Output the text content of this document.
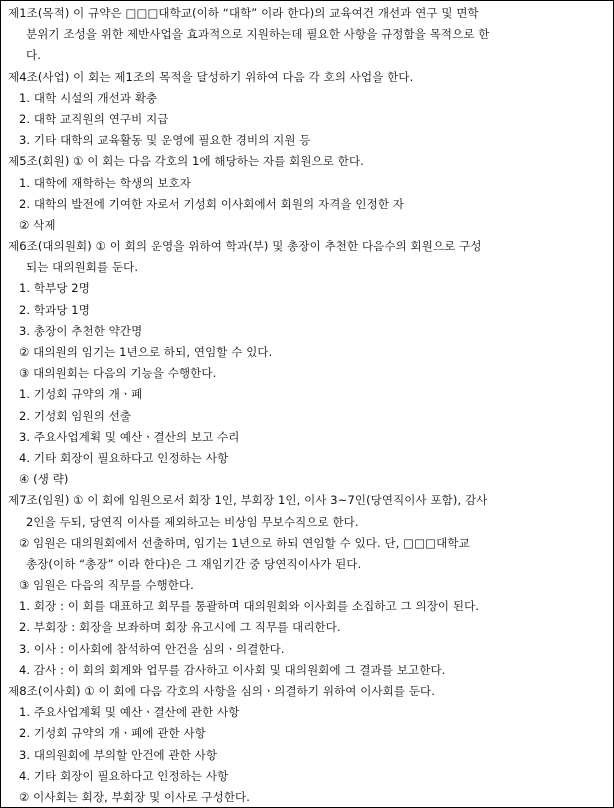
제1조(목적) 이 규약은 □□□대학교(이하 “대학” 이라 한다)의 교육여건 개선과 연구 및 면학
분위기 조성을 위한 제반사업을 효과적으로 지원하는데 필요한 사항을 규정함을 목적으로 한
다.
제4조(사업) 이 회는 제1조의 목적을 달성하기 위하여 다음 각 호의 사업을 한다.
1. 대학 시설의 개선과 확충
2. 대학 교직원의 연구비 지급
3. 기타 대학의 교육활동 및 운영에 필요한 경비의 지원 등
제5조(회원) ① 이 회는 다음 각호의 1에 해당하는 자를 회원으로 한다.
1. 대학에 재학하는 학생의 보호자
2. 대학의 발전에 기여한 자로서 기성회 이사회에서 회원의 자격을 인정한 자
② 삭제
제6조(대의원회) ① 이 회의 운영을 위하여 학과(부) 및 총장이 추천한 다음수의 회원으로 구성
되는 대의원회를 둔다.
1. 학부당 2명
2. 학과당 1명
3. 총장이 추천한 약간명
② 대의원의 임기는 1년으로 하되, 연임할 수 있다.
③ 대의원회는 다음의 기능을 수행한다.
1. 기성회 규약의 개ㆍ폐
2. 기성회 임원의 선출
3. 주요사업계획 및 예산ㆍ결산의 보고 수리
4. 기타 회장이 필요하다고 인정하는 사항
④ (생 략)
제7조(임원) ① 이 회에 임원으로서 회장 1인, 부회장 1인, 이사 3~7인(당연직이사 포함), 감사
2인을 두되, 당연직 이사를 제외하고는 비상임 무보수직으로 한다.
② 임원은 대의원회에서 선출하며, 임기는 1년으로 하되 연임할 수 있다. 단, □□□대학교
총장(이하 “총장” 이라 한다)은 그 재임기간 중 당연직이사가 된다.
③ 임원은 다음의 직무를 수행한다.
1. 회장 : 이 회를 대표하고 회무를 통괄하며 대의원회와 이사회를 소집하고 그 의장이 된다.
2. 부회장 : 회장을 보좌하며 회장 유고시에 그 직무를 대리한다.
3. 이사 : 이사회에 참석하여 안건을 심의ㆍ의결한다.
4. 감사 : 이 회의 회계와 업무를 감사하고 이사회 및 대의원회에 그 결과를 보고한다.
제8조(이사회) ① 이 회에 다음 각호의 사항을 심의ㆍ의결하기 위하여 이사회를 둔다.
1. 주요사업계획 및 예산ㆍ결산에 관한 사항
2. 기성회 규약의 개ㆍ폐에 관한 사항
3. 대의원회에 부의할 안건에 관한 사항
4. 기타 회장이 필요하다고 인정하는 사항
② 이사회는 회장, 부회장 및 이사로 구성한다.
